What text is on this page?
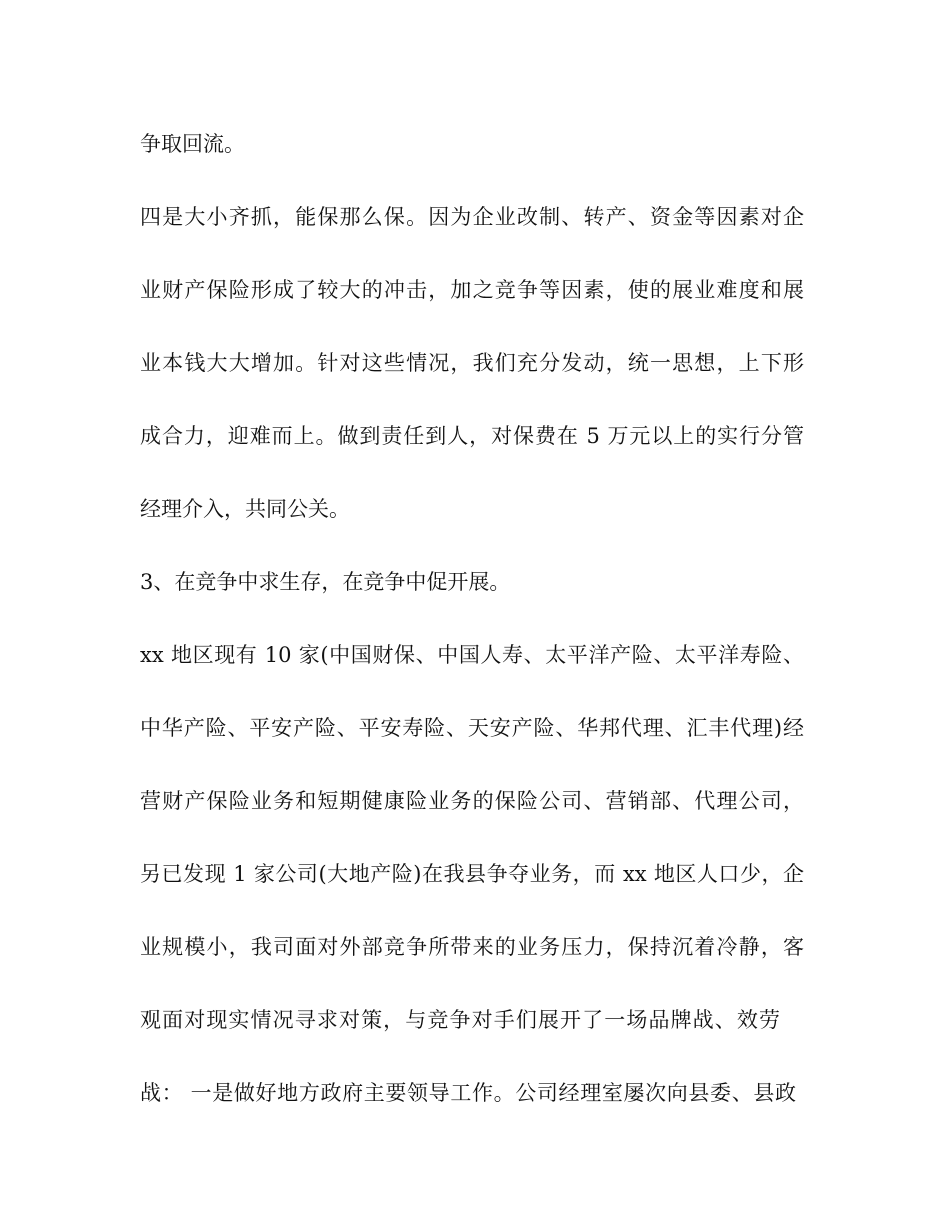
争取回流。
四是大小齐抓，能保那么保。因为企业改制、转产、资金等因素对企
业财产保险形成了较大的冲击，加之竞争等因素，使的展业难度和展
业本钱大大增加。针对这些情况，我们充分发动，统一思想，上下形
成合力，迎难而上。做到责任到人，对保费在 5 万元以上的实行分管
经理介入，共同公关。
3、在竞争中求生存，在竞争中促开展。
xx 地区现有 10 家(中国财保、中国人寿、太平洋产险、太平洋寿险、
中华产险、平安产险、平安寿险、天安产险、华邦代理、汇丰代理)经
营财产保险业务和短期健康险业务的保险公司、营销部、代理公司，
另已发现 1 家公司(大地产险)在我县争夺业务，而 xx 地区人口少，企
业规模小，我司面对外部竞争所带来的业务压力，保持沉着冷静，客
观面对现实情况寻求对策，与竞争对手们展开了一场品牌战、效劳
战： 一是做好地方政府主要领导工作。公司经理室屡次向县委、县政
